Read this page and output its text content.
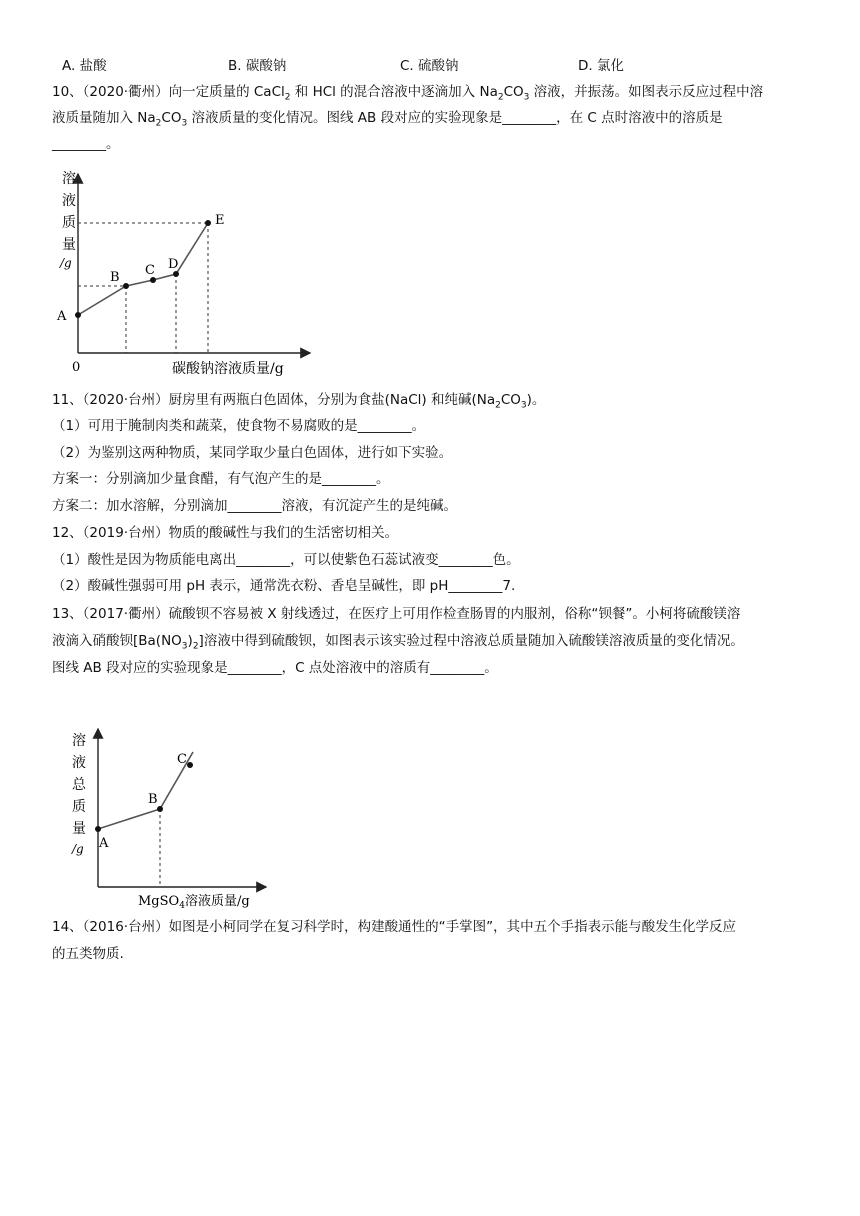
A. 盐酸	B. 碳酸钠	C. 硫酸钠	D. 氯化
10、（2020·衢州）向一定质量的 CaCl$_2$ 和 HCl 的混合溶液中逐滴加入 $Na_2CO_3$ 溶液，并振荡。如图表示反应过程中溶
液质量随加入 $Na_2CO_3$ 溶液质量的变化情况。图线 AB 段对应的实验现象是________，在 C 点时溶液中的溶质是
________。
溶
液
质
量
/g
0	碳酸钠溶液质量/g
A
B C D
E
11、（2020·台州）厨房里有两瓶白色固体，分别为食盐(NaCl) 和纯碱$(Na_2CO_3)$。
（1）可用于腌制肉类和蔬菜，使食物不易腐败的是________。
（2）为鉴别这两种物质，某同学取少量白色固体，进行如下实验。
方案一：分别滴加少量食醋，有气泡产生的是________。
方案二：加水溶解，分别滴加________溶液，有沉淀产生的是纯碱。
12、（2019·台州）物质的酸碱性与我们的生活密切相关。
（1）酸性是因为物质能电离出________，可以使紫色石蕊试液变________色。
（2）酸碱性强弱可用 pH 表示，通常洗衣粉、香皂呈碱性，即 pH________7.
13、（2017·衢州）硫酸钡不容易被 X 射线透过，在医疗上可用作检查肠胃的内服剂，俗称“钡餐”。小柯将硫酸镁溶
液滴入硝酸钡$[Ba(NO_3)_2]$溶液中得到硫酸钡，如图表示该实验过程中溶液总质量随加入硫酸镁溶液质量的变化情况。
图线 AB 段对应的实验现象是________，C 点处溶液中的溶质有________。
溶
液
总
质
量
/g
MgSO$_4$溶液质量/g
A
B
C
14、（2016·台州）如图是小柯同学在复习科学时，构建酸通性的“手掌图”，其中五个手指表示能与酸发生化学反应
的五类物质.
